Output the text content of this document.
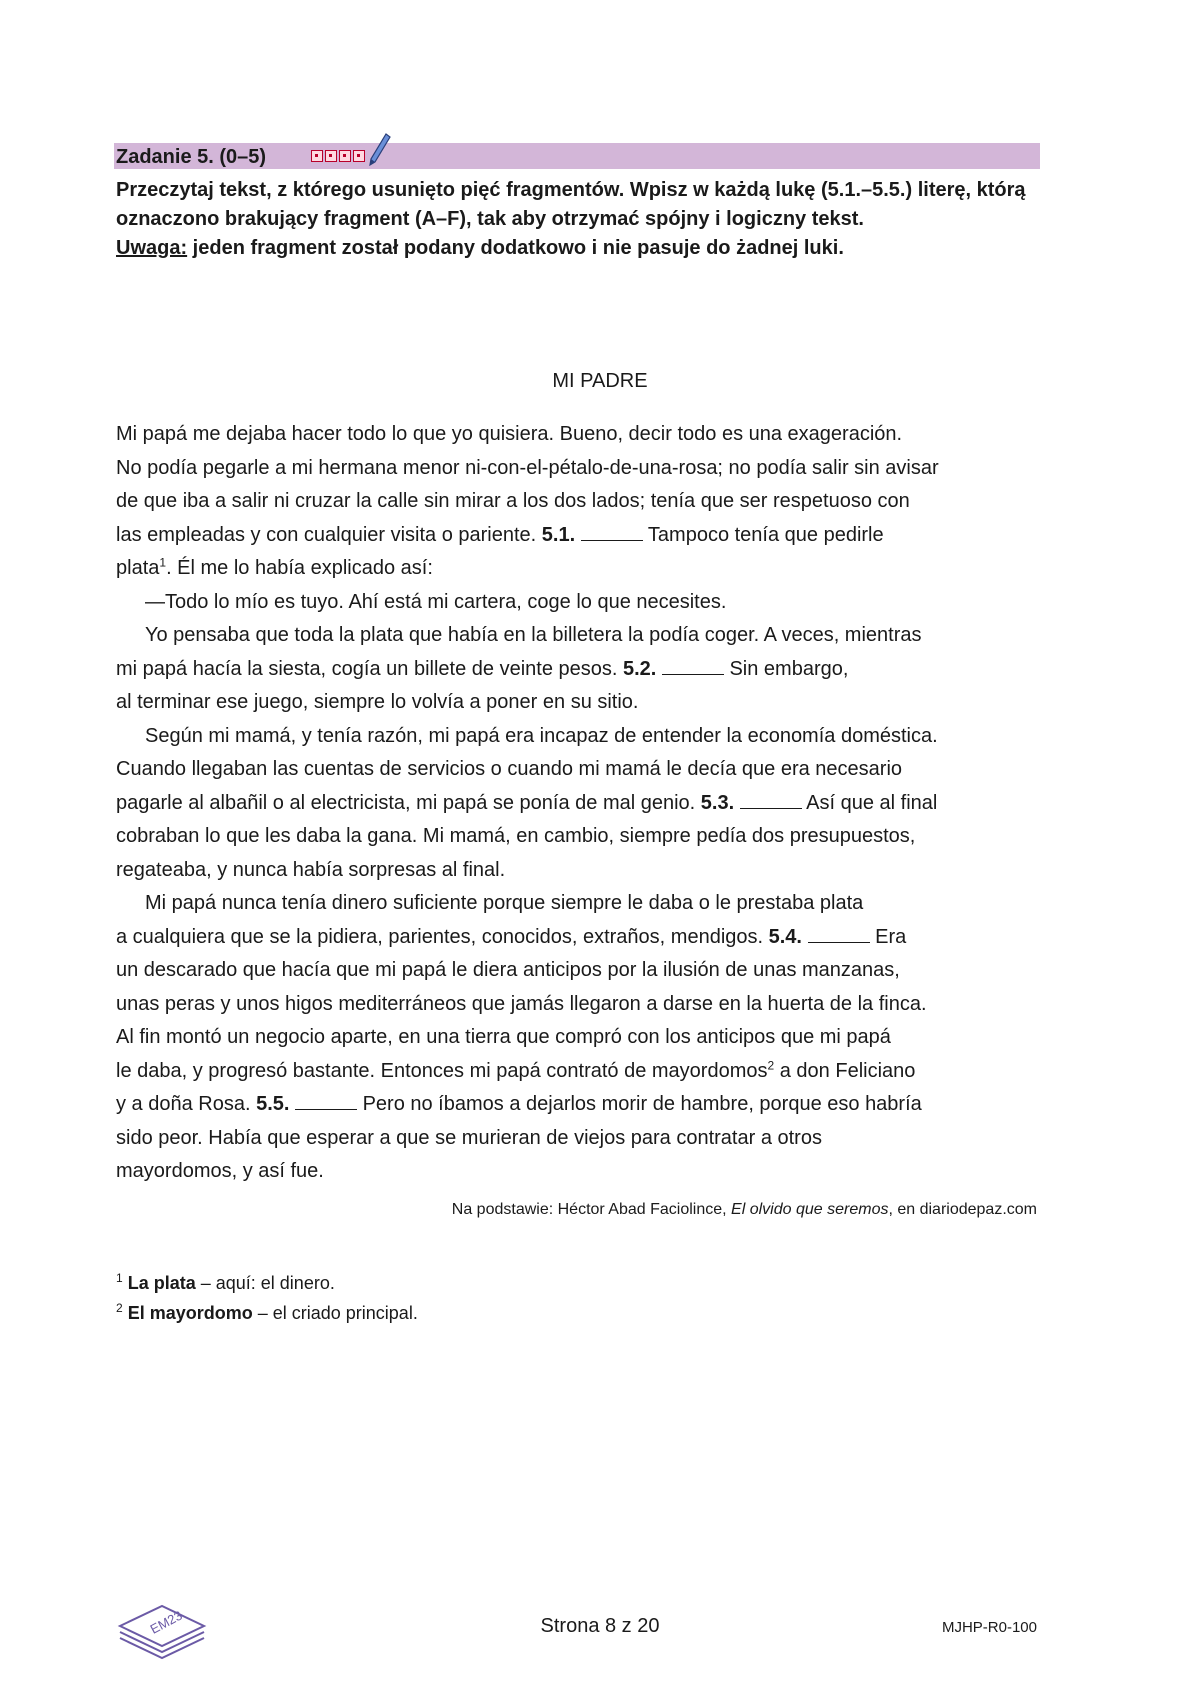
Zadanie 5. (0–5)

Przeczytaj tekst, z którego usunięto pięć fragmentów. Wpisz w każdą lukę (5.1.–5.5.) literę, którą oznaczono brakujący fragment (A–F), tak aby otrzymać spójny i logiczny tekst.

Uwaga: jeden fragment został podany dodatkowo i nie pasuje do żadnej luki.

MI PADRE
Mi papá me dejaba hacer todo lo que yo quisiera. Bueno, decir todo es una exageración.
No podía pegarle a mi hermana menor ni-con-el-pétalo-de-una-rosa; no podía salir sin avisar
de que iba a salir ni cruzar la calle sin mirar a los dos lados; tenía que ser respetuoso con
las empleadas y con cualquier visita o pariente. 5.1.	Tampoco tenía que pedirle
plata$^1$. Él me lo había explicado así:
—Todo lo mío es tuyo. Ahí está mi cartera, coge lo que necesites.
Yo pensaba que toda la plata que había en la billetera la podía coger. A veces, mientras
mi papá hacía la siesta, cogía un billete de veinte pesos. 5.2.	Sin embargo,
al terminar ese juego, siempre lo volvía a poner en su sitio.
Según mi mamá, y tenía razón, mi papá era incapaz de entender la economía doméstica.
Cuando llegaban las cuentas de servicios o cuando mi mamá le decía que era necesario
pagarle al albañil o al electricista, mi papá se ponía de mal genio. 5.3.	Así que al final
cobraban lo que les daba la gana. Mi mamá, en cambio, siempre pedía dos presupuestos,
regateaba, y nunca había sorpresas al final.
Mi papá nunca tenía dinero suficiente porque siempre le daba o le prestaba plata
a cualquiera que se la pidiera, parientes, conocidos, extraños, mendigos. 5.4.	Era
un descarado que hacía que mi papá le diera anticipos por la ilusión de unas manzanas,
unas peras y unos higos mediterráneos que jamás llegaron a darse en la huerta de la finca.
Al fin montó un negocio aparte, en una tierra que compró con los anticipos que mi papá
le daba, y progresó bastante. Entonces mi papá contrató de mayordomos$^2$ a don Feliciano
y a doña Rosa. 5.5.	Pero no íbamos a dejarlos morir de hambre, porque eso habría
sido peor. Había que esperar a que se murieran de viejos para contratar a otros
mayordomos, y así fue.
Na podstawie: Héctor Abad Faciolince, El olvido que seremos, en diariodepaz.com
$^1$ La plata – aquí: el dinero.
$^2$ El mayordomo – el criado principal.
EM23	Strona 8 z 20	MJHP-R0-100
